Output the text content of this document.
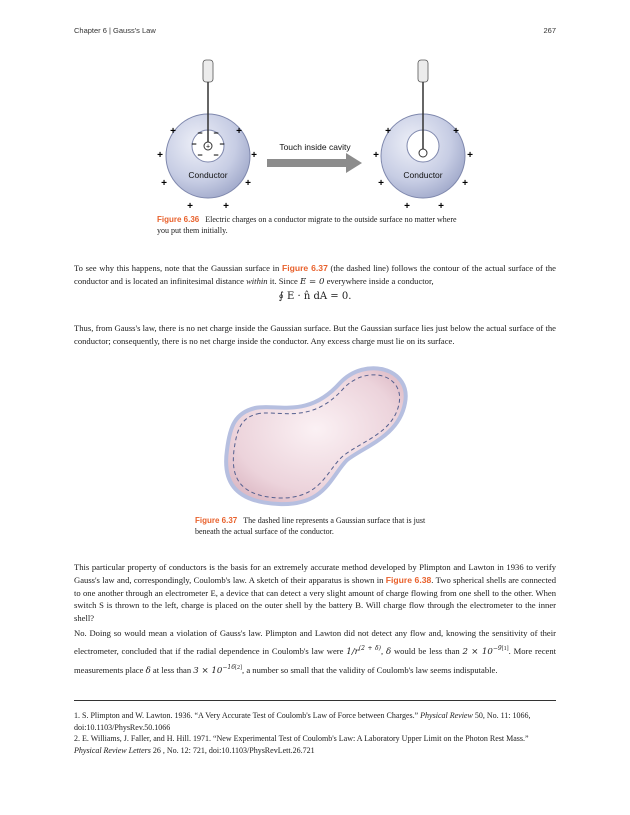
Chapter 6 | Gauss's Law	267
+
− −
−	−
− −
Conductor
+	+
+	+
+	+
+	+
Touch inside cavity
Conductor
+	+
+	+
+	+
+	+

Figure 6.36 Electric charges on a conductor migrate to the outside surface no matter where you put them initially.

To see why this happens, note that the Gaussian surface in Figure 6.37 (the dashed line) follows the contour of the actual surface of the conductor and is located an infinitesimal distance within it. Since E = 0 everywhere inside a conductor,

∮ E · n̂ dA = 0.

Thus, from Gauss's law, there is no net charge inside the Gaussian surface. But the Gaussian surface lies just below the actual surface of the conductor; consequently, there is no net charge inside the conductor. Any excess charge must lie on its surface.

Figure 6.37 The dashed line represents a Gaussian surface that is just beneath the actual surface of the conductor.

This particular property of conductors is the basis for an extremely accurate method developed by Plimpton and Lawton in 1936 to verify Gauss's law and, correspondingly, Coulomb's law. A sketch of their apparatus is shown in Figure 6.38. Two spherical shells are connected to one another through an electrometer E, a device that can detect a very slight amount of charge flowing from one shell to the other. When switch S is thrown to the left, charge is placed on the outer shell by the battery B. Will charge flow through the electrometer to the inner shell?

No. Doing so would mean a violation of Gauss's law. Plimpton and Lawton did not detect any flow and, knowing the sensitivity of their electrometer, concluded that if the radial dependence in Coulomb's law were $1/r^{(2 + \delta)}$, δ would be less than $2 \times 10^{-9[1]}$. More recent measurements place δ at less than $3 \times 10^{-16[2]}$, a number so small that the validity of Coulomb's law seems indisputable.

1. S. Plimpton and W. Lawton. 1936. “A Very Accurate Test of Coulomb's Law of Force between Charges.” Physical Review 50, No. 11: 1066, doi:10.1103/PhysRev.50.1066

2. E. Williams, J. Faller, and H. Hill. 1971. “New Experimental Test of Coulomb's Law: A Laboratory Upper Limit on the Photon Rest Mass.” Physical Review Letters 26 , No. 12: 721, doi:10.1103/PhysRevLett.26.721
